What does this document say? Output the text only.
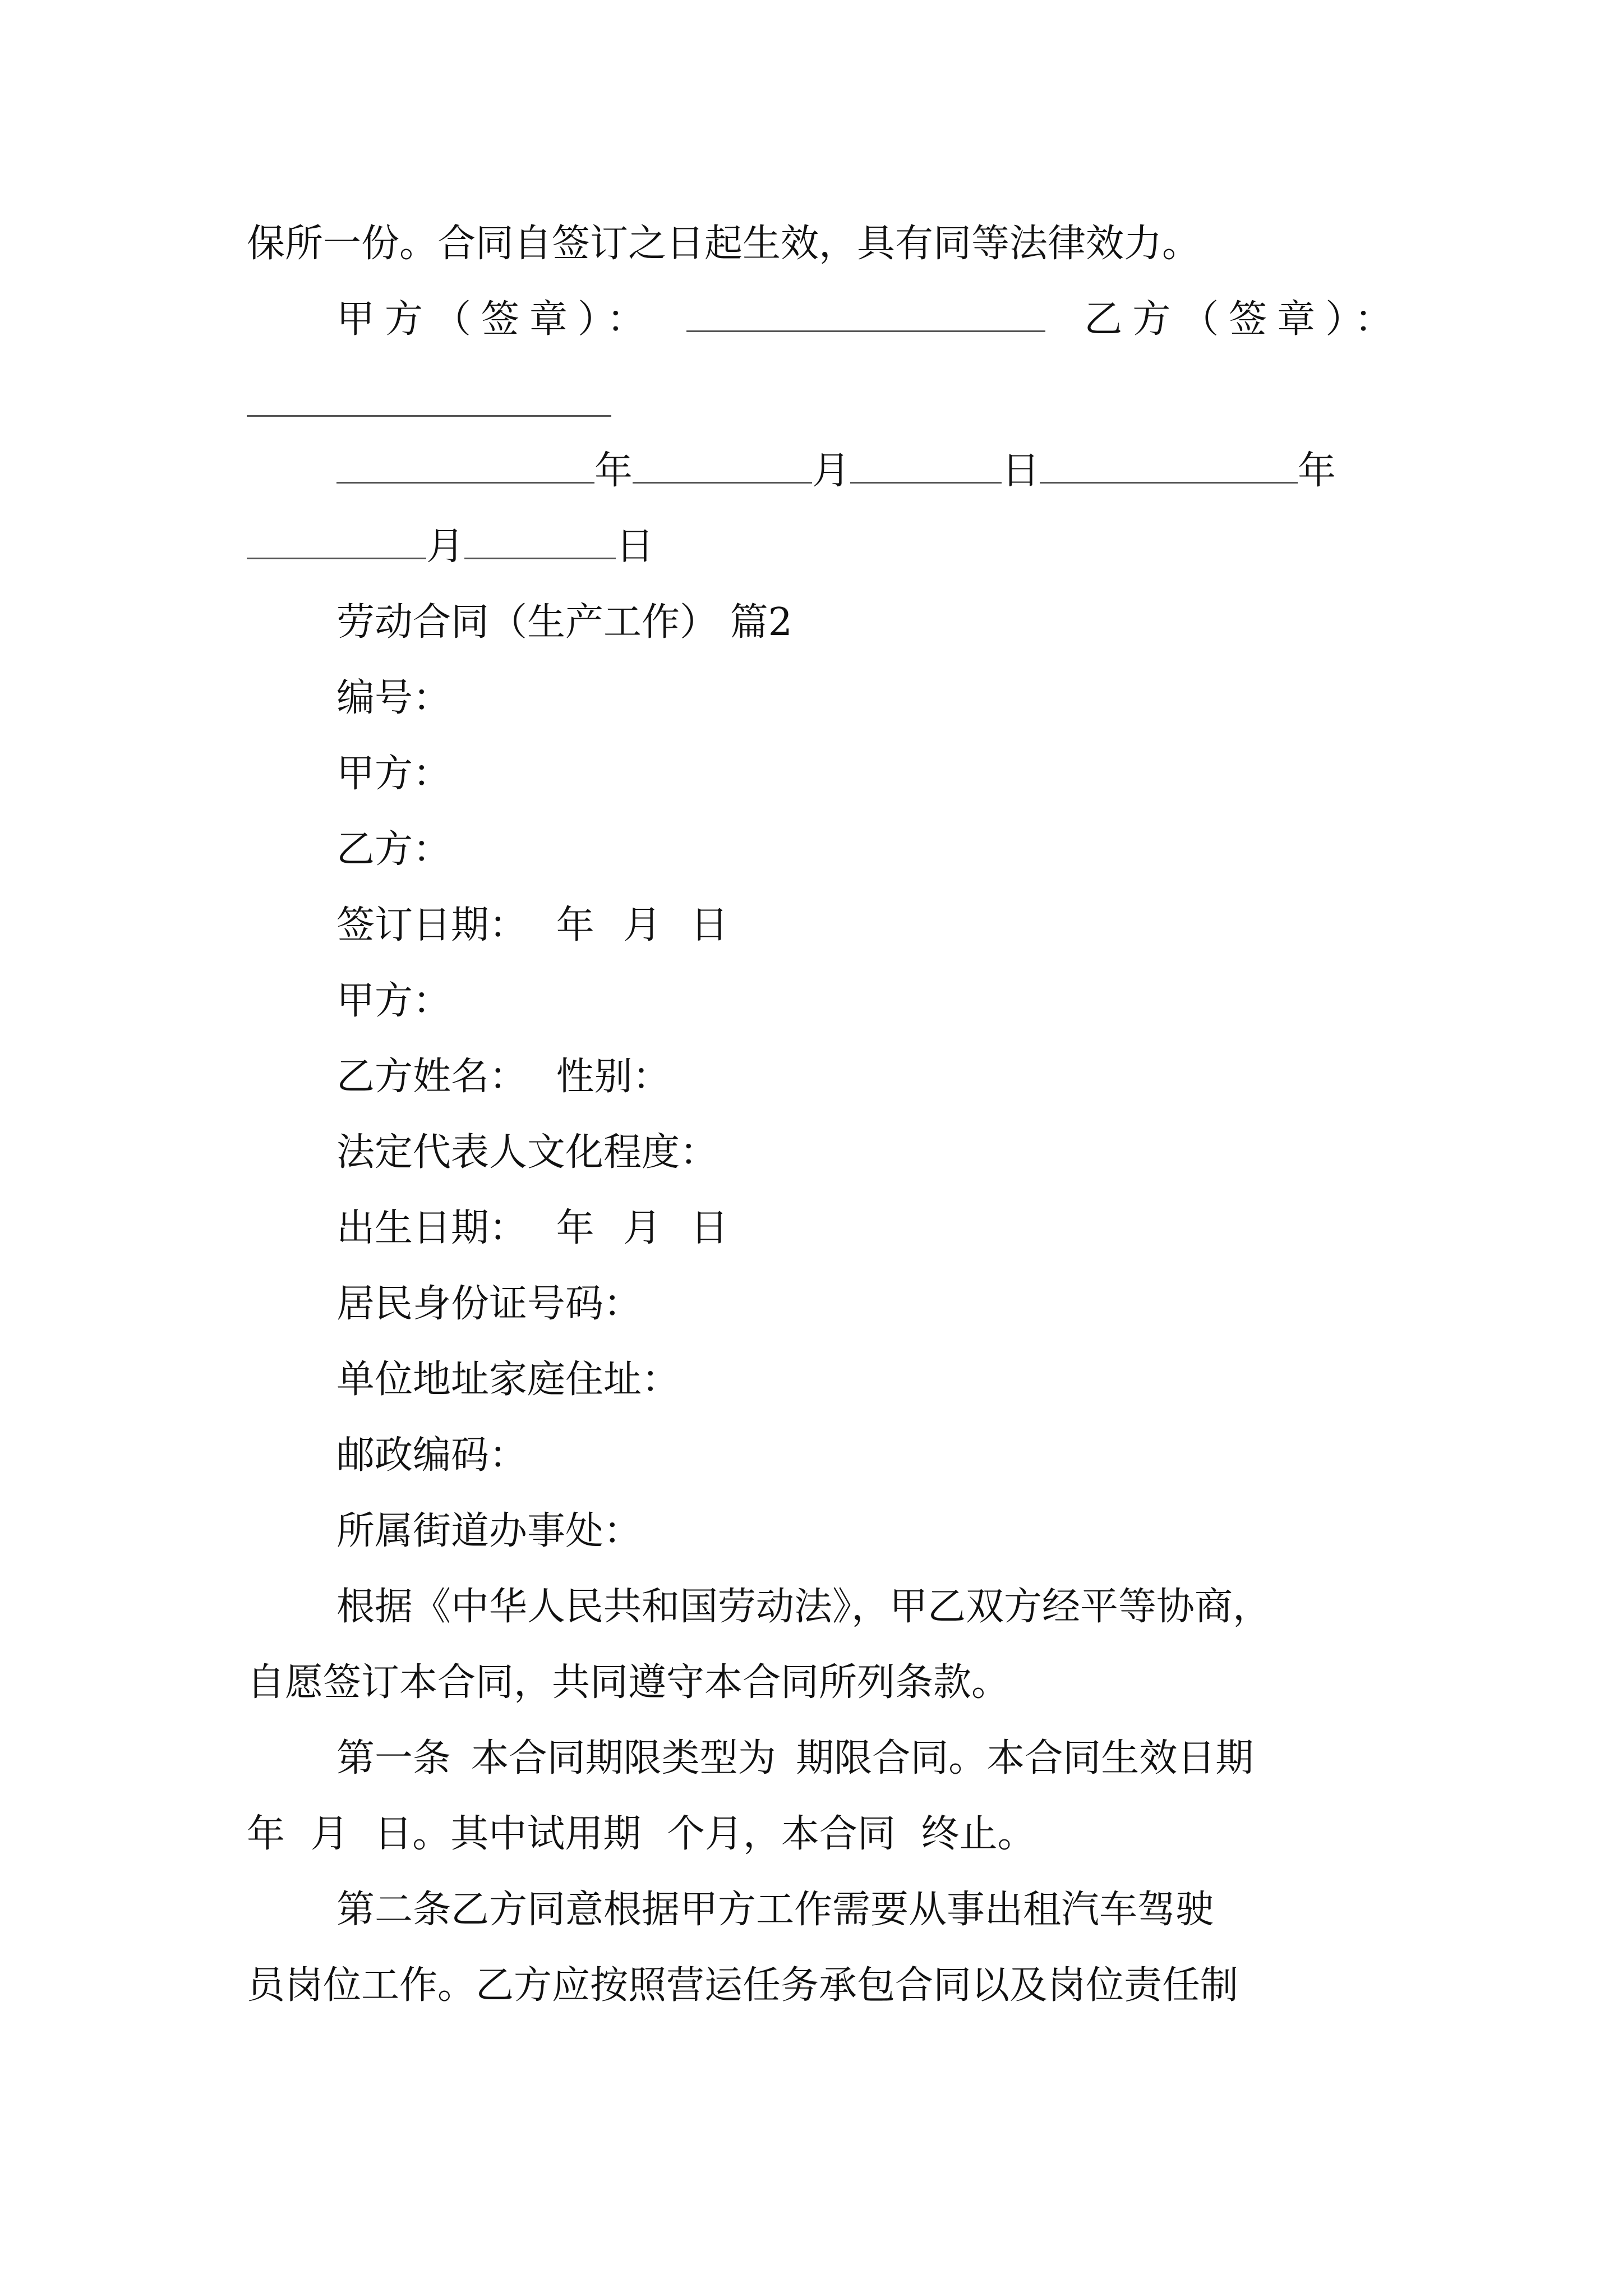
保所一份。合同自签订之日起生效，具有同等法律效力。

甲方（签章）：	乙方（签章）：
年	月	日	年
月	日

劳动合同（生产工作） 篇2

编号：

甲方：

乙方：

签订日期： 年 月 日

甲方：

乙方姓名： 性别：

法定代表人文化程度：

出生日期： 年 月 日

居民身份证号码：

单位地址家庭住址：

邮政编码：

所属街道办事处：

根据《中华人民共和国劳动法》，甲乙双方经平等协商，

自愿签订本合同，共同遵守本合同所列条款。

第一条 本合同期限类型为 期限合同。本合同生效日期

年 月 日。其中试用期 个月，本合同 终止。

第二条乙方同意根据甲方工作需要从事出租汽车驾驶

员岗位工作。乙方应按照营运任务承包合同以及岗位责任制
